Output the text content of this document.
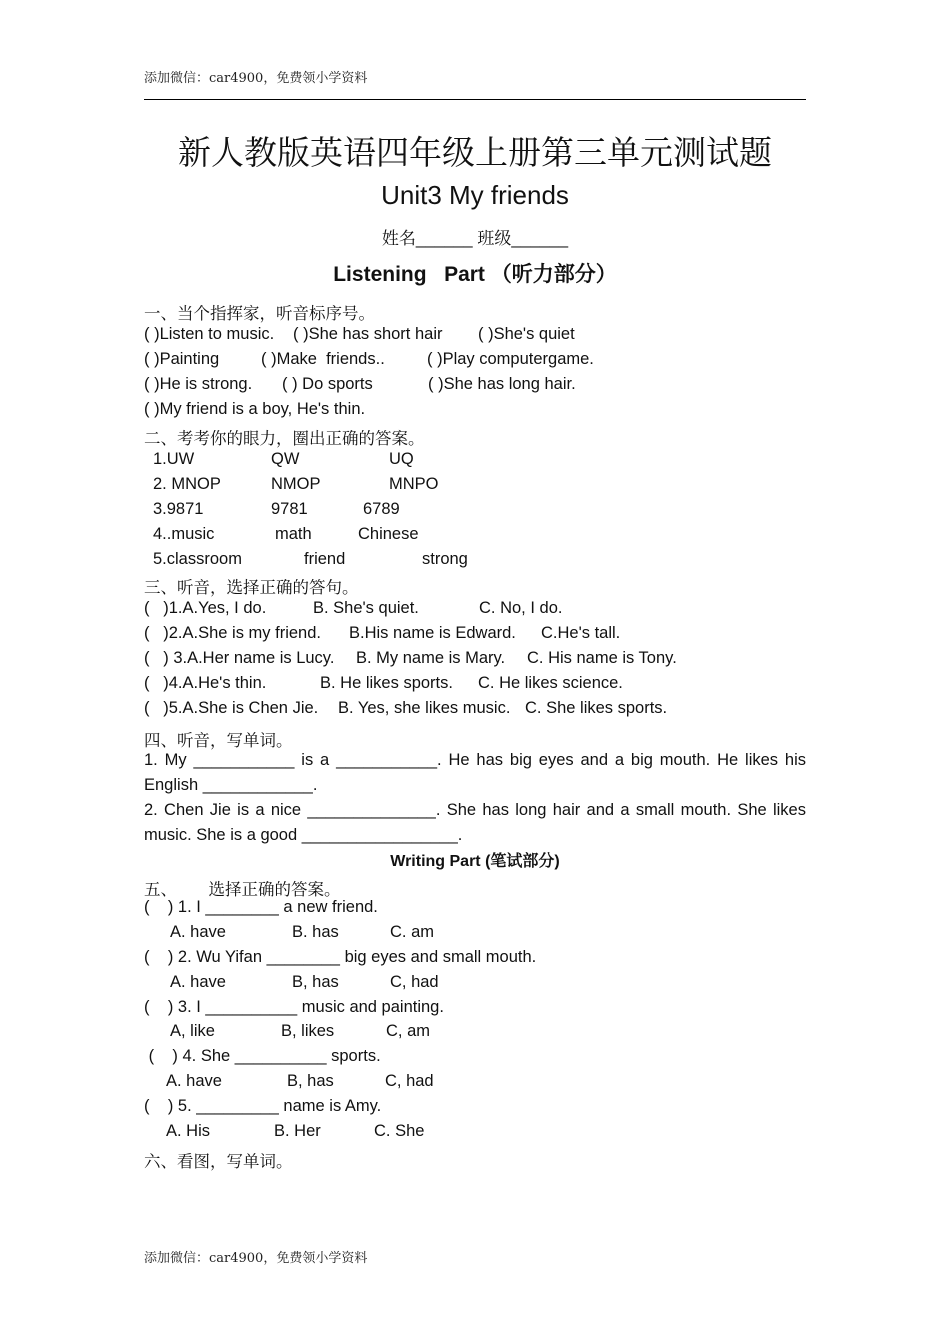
添加微信：car4900，免费领小学资料
新人教版英语四年级上册第三单元测试题
Unit3 My friends
姓名______ 班级______
Listening   Part （听力部分）
一、当个指挥家，听音标序号。
( )Listen to music. ( )She has short hair ( )She's quiet
( )Painting	( )Make  friends..	( )Play computergame.
( )He is strong. ( ) Do sports	( )She has long hair.
( )My friend is a boy, He's thin.
二、考考你的眼力，圈出正确的答案。
1.UW	QW	UQ
2. MNOP	NMOP	MNPO
3.9871	9781	6789
4..music	math	Chinese
5.classroom	friend	strong
三、听音，选择正确的答句。
(   )1.A.Yes, I do.	B. She's quiet.	C. No, I do.
(   )2.A.She is my friend. B.His name is Edward. C.He's tall.
(   ) 3.A.Her name is Lucy. B. My name is Mary. C. His name is Tony.
(   )4.A.He's thin.	B. He likes sports. C. He likes science.
(   )5.A.She is Chen Jie. B. Yes, she likes music. C. She likes sports.
四、听音，写单词。
1. My ___________ is a ___________. He has big eyes and a big mouth. He likes his
English ____________.
2. Chen Jie is a nice ______________. She has long hair and a small mouth. She likes
music. She is a good _________________.
Writing Part (笔试部分)
五、      选择正确的答案。
(    ) 1. I ________ a new friend.
A. have	B. has	C. am
(    ) 2. Wu Yifan ________ big eyes and small mouth.
A. have	B, has	C, had
(    ) 3. I __________ music and painting.
A, like	B, likes	C, am
(    ) 4. She __________ sports.
A. have	B, has	C, had
(    ) 5. _________ name is Amy.
A. His	B. Her	C. She
六、看图，写单词。
添加微信：car4900，免费领小学资料
